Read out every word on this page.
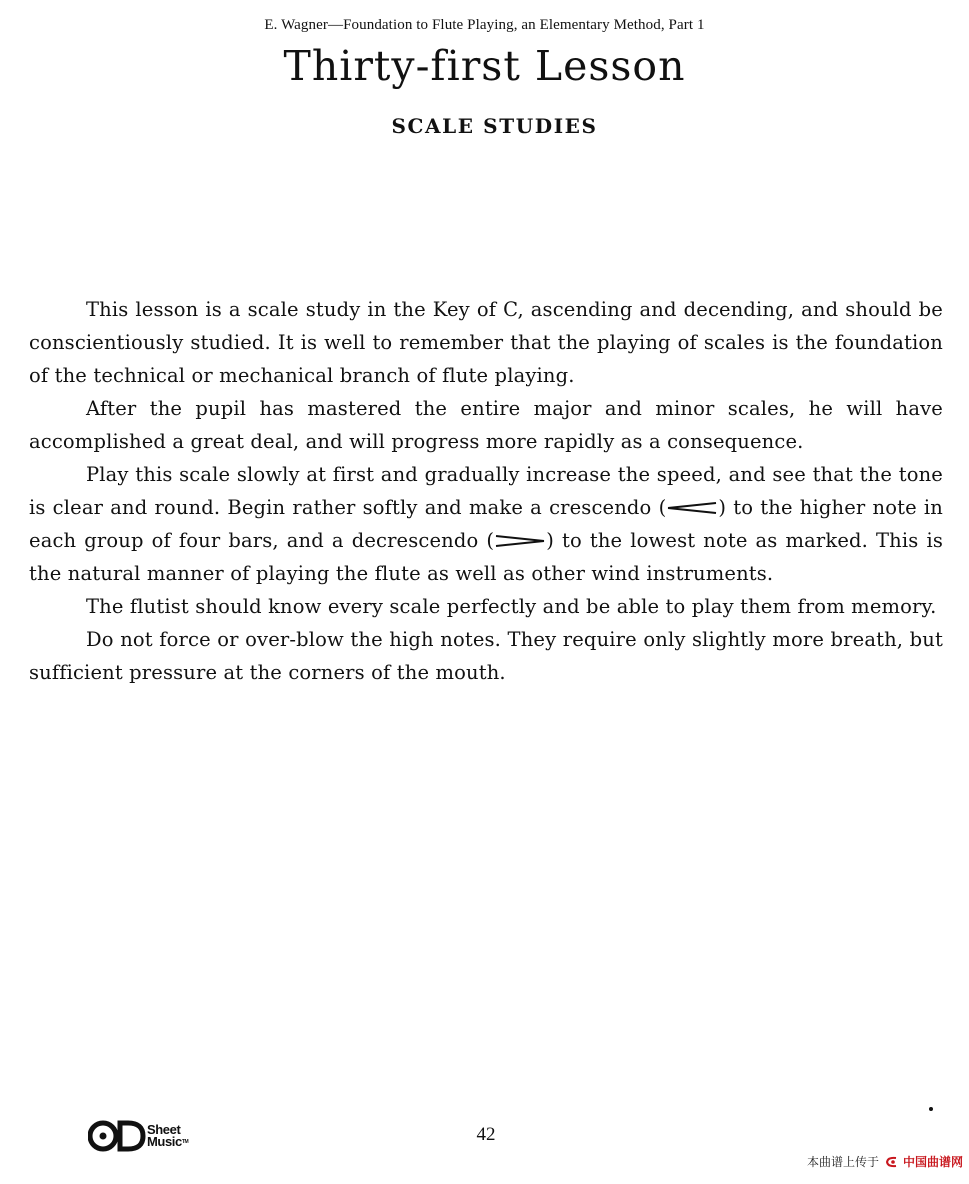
E. Wagner—Foundation to Flute Playing, an Elementary Method, Part 1
Thirty-first Lesson
SCALE STUDIES

This lesson is a scale study in the Key of C, ascending and decending, and should be conscientiously studied. It is well to remember that the playing of scales is the foundation of the technical or mechanical branch of flute playing.

After the pupil has mastered the entire major and minor scales, he will have accomplished a great deal, and will progress more rapidly as a consequence.

Play this scale slowly at first and gradually increase the speed, and see that the tone is clear and round. Begin rather softly and make a crescendo (	) to the higher note in each group of four bars, and a decrescendo (	) to the lowest note as marked. This is the natural manner of playing the flute as well as other wind instruments.

The flutist should know every scale perfectly and be able to play them from memory.

Do not force or over-blow the high notes. They require only slightly more breath, but sufficient pressure at the corners of the mouth.

Sheet
Music™	42
本曲谱上传于 中国曲谱网
